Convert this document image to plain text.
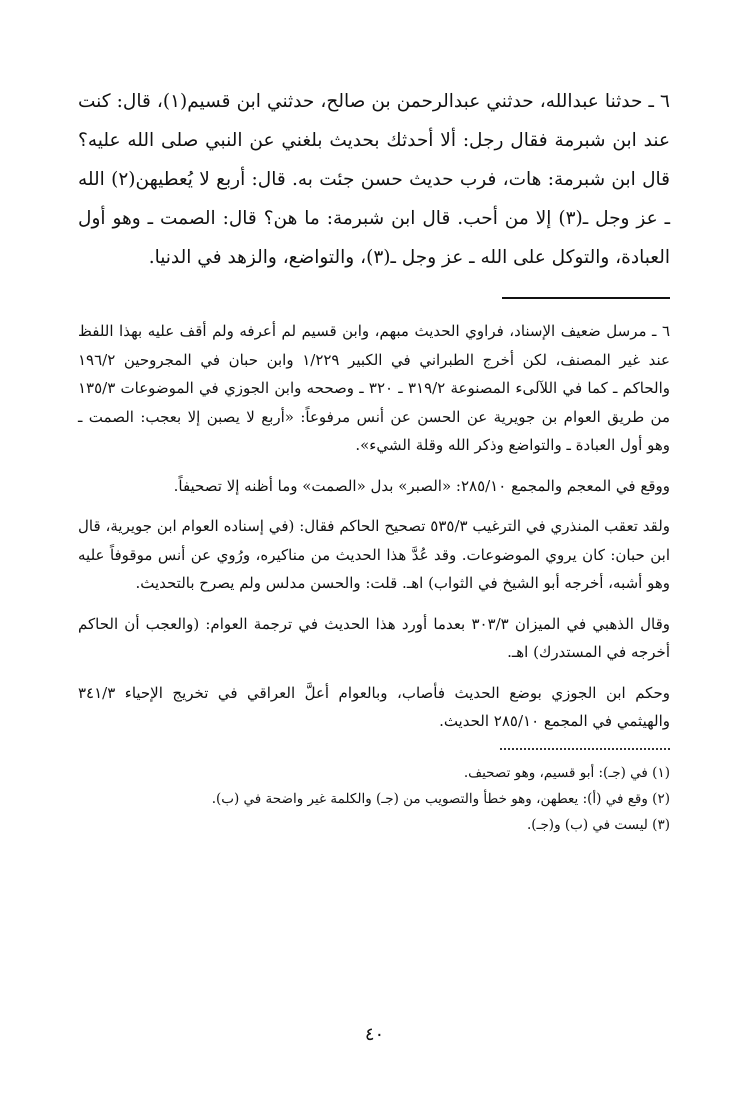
٦ ـ حدثنا عبدالله، حدثني عبدالرحمن بن صالح، حدثني ابن قسيم(١)، قال: كنت عند ابن شبرمة فقال رجل: ألا أحدثك بحديث بلغني عن النبي صلى الله عليه؟ قال ابن شبرمة: هات، فرب حديث حسن جئت به. قال: أربع لا يُعطيهن(٢) الله ـ عز وجل ـ(٣) إلا من أحب. قال ابن شبرمة: ما هن؟ قال: الصمت ـ وهو أول العبادة، والتوكل على الله ـ عز وجل ـ(٣)، والتواضع، والزهد في الدنيا.

٦ ـ مرسل ضعيف الإسناد، فراوي الحديث مبهم، وابن قسيم لم أعرفه ولم أقف عليه بهذا اللفظ عند غير المصنف، لكن أخرج الطبراني في الكبير ١/٢٢٩ وابن حبان في المجروحين ١٩٦/٢ والحاكم ـ كما في اللآلىء المصنوعة ٣١٩/٢ ـ ٣٢٠ ـ وصححه وابن الجوزي في الموضوعات ١٣٥/٣ من طريق العوام بن جويرية عن الحسن عن أنس مرفوعاً: «أربع لا يصبن إلا بعجب: الصمت ـ وهو أول العبادة ـ والتواضع وذكر الله وقلة الشيء».

ووقع في المعجم والمجمع ٢٨٥/١٠: «الصبر» بدل «الصمت» وما أظنه إلا تصحيفاً.

ولقد تعقب المنذري في الترغيب ٥٣٥/٣ تصحيح الحاكم فقال: (في إسناده العوام ابن جويرية، قال ابن حبان: كان يروي الموضوعات. وقد عُدَّ هذا الحديث من مناكيره، ورُوي عن أنس موقوفاً عليه وهو أشبه، أخرجه أبو الشيخ في الثواب) اهـ. قلت: والحسن مدلس ولم يصرح بالتحديث.

وقال الذهبي في الميزان ٣٠٣/٣ بعدما أورد هذا الحديث في ترجمة العوام: (والعجب أن الحاكم أخرجه في المستدرك) اهـ.

وحكم ابن الجوزي بوضع الحديث فأصاب، وبالعوام أعلَّ العراقي في تخريج الإحياء ٣٤١/٣ والهيثمي في المجمع ٢٨٥/١٠ الحديث.

(١) في (جـ): أبو قسيم، وهو تصحيف.

(٢) وقع في (أ): يعطهن، وهو خطأ والتصويب من (جـ) والكلمة غير واضحة في (ب).

(٣) ليست في (ب) و(جـ).

٤٠
